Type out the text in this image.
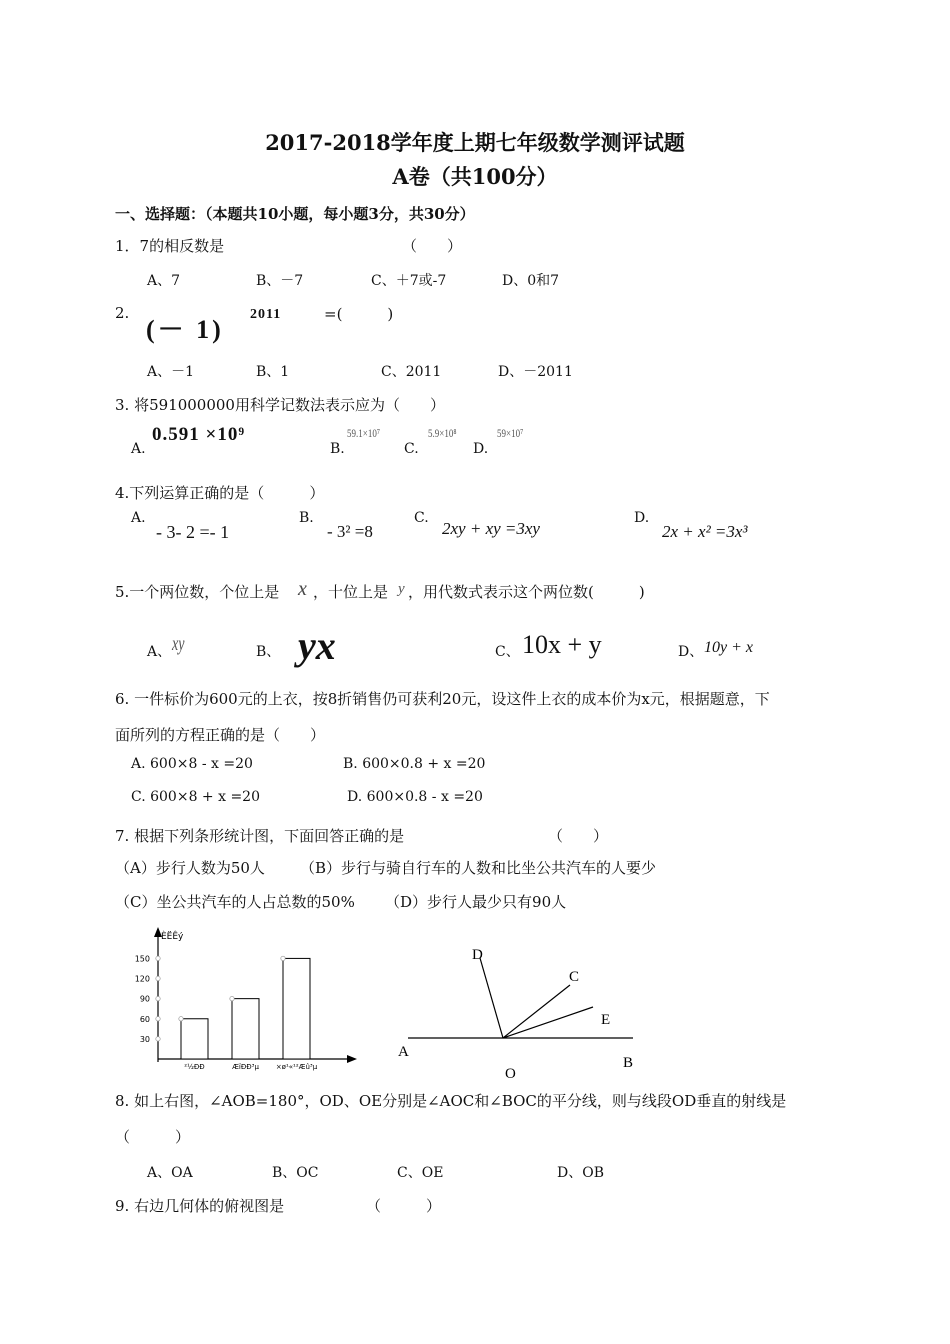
2017-2018学年度上期七年级数学测评试题
A卷（共100分）
一、选择题：（本题共10小题，每小题3分，共30分）
1．7的相反数是	（　　）
A、7	B、－7	C、＋7或-7	D、0和7
2.
(－ 1)
2011	=(　　　)
A、－1	B、1	C、2011	D、－2011
3. 将591000000用科学记数法表示应为（　　）
A.
0.591 ×10⁹
B.
59.1×10⁷
C.
5.9×10⁸
D.
59×10⁷
4.下列运算正确的是（　　　）
A.
- 3- 2 =- 1
B.
- 3² =8
C.
2xy + xy =3xy
D.
2x + x² =3x³
5.一个两位数，个位上是 x ，十位上是 y ，用代数式表示这个两位数(　　　)
A、 xy	B、 yx	C、 10x + y	D、 10y + x
6. 一件标价为600元的上衣，按8折销售仍可获利20元，设这件上衣的成本价为x元，根据题意，下
面所列的方程正确的是（　　）
A. 600×8 - x =20	B. 600×0.8 + x =20
C. 600×8 + x =20	D. 600×0.8 - x =20
7. 根据下列条形统计图，下面回答正确的是	（　　）
（A）步行人数为50人 （B）步行与骑自行车的人数和比坐公共汽车的人要少
（C）坐公共汽车的人占总数的50% （D）步行人最少只有90人
ÈËÊý
30
60
90
120
150
²½ÐÐ	ÆïÐÐ³µ ×ø¹«¹²Æû³µ
D
C
E
A
O
B
8. 如上右图，∠AOB=180°，OD、OE分别是∠AOC和∠BOC的平分线，则与线段OD垂直的射线是
（　　　）
A、OA	B、OC	C、OE	D、OB
9. 右边几何体的俯视图是	（　　　）
